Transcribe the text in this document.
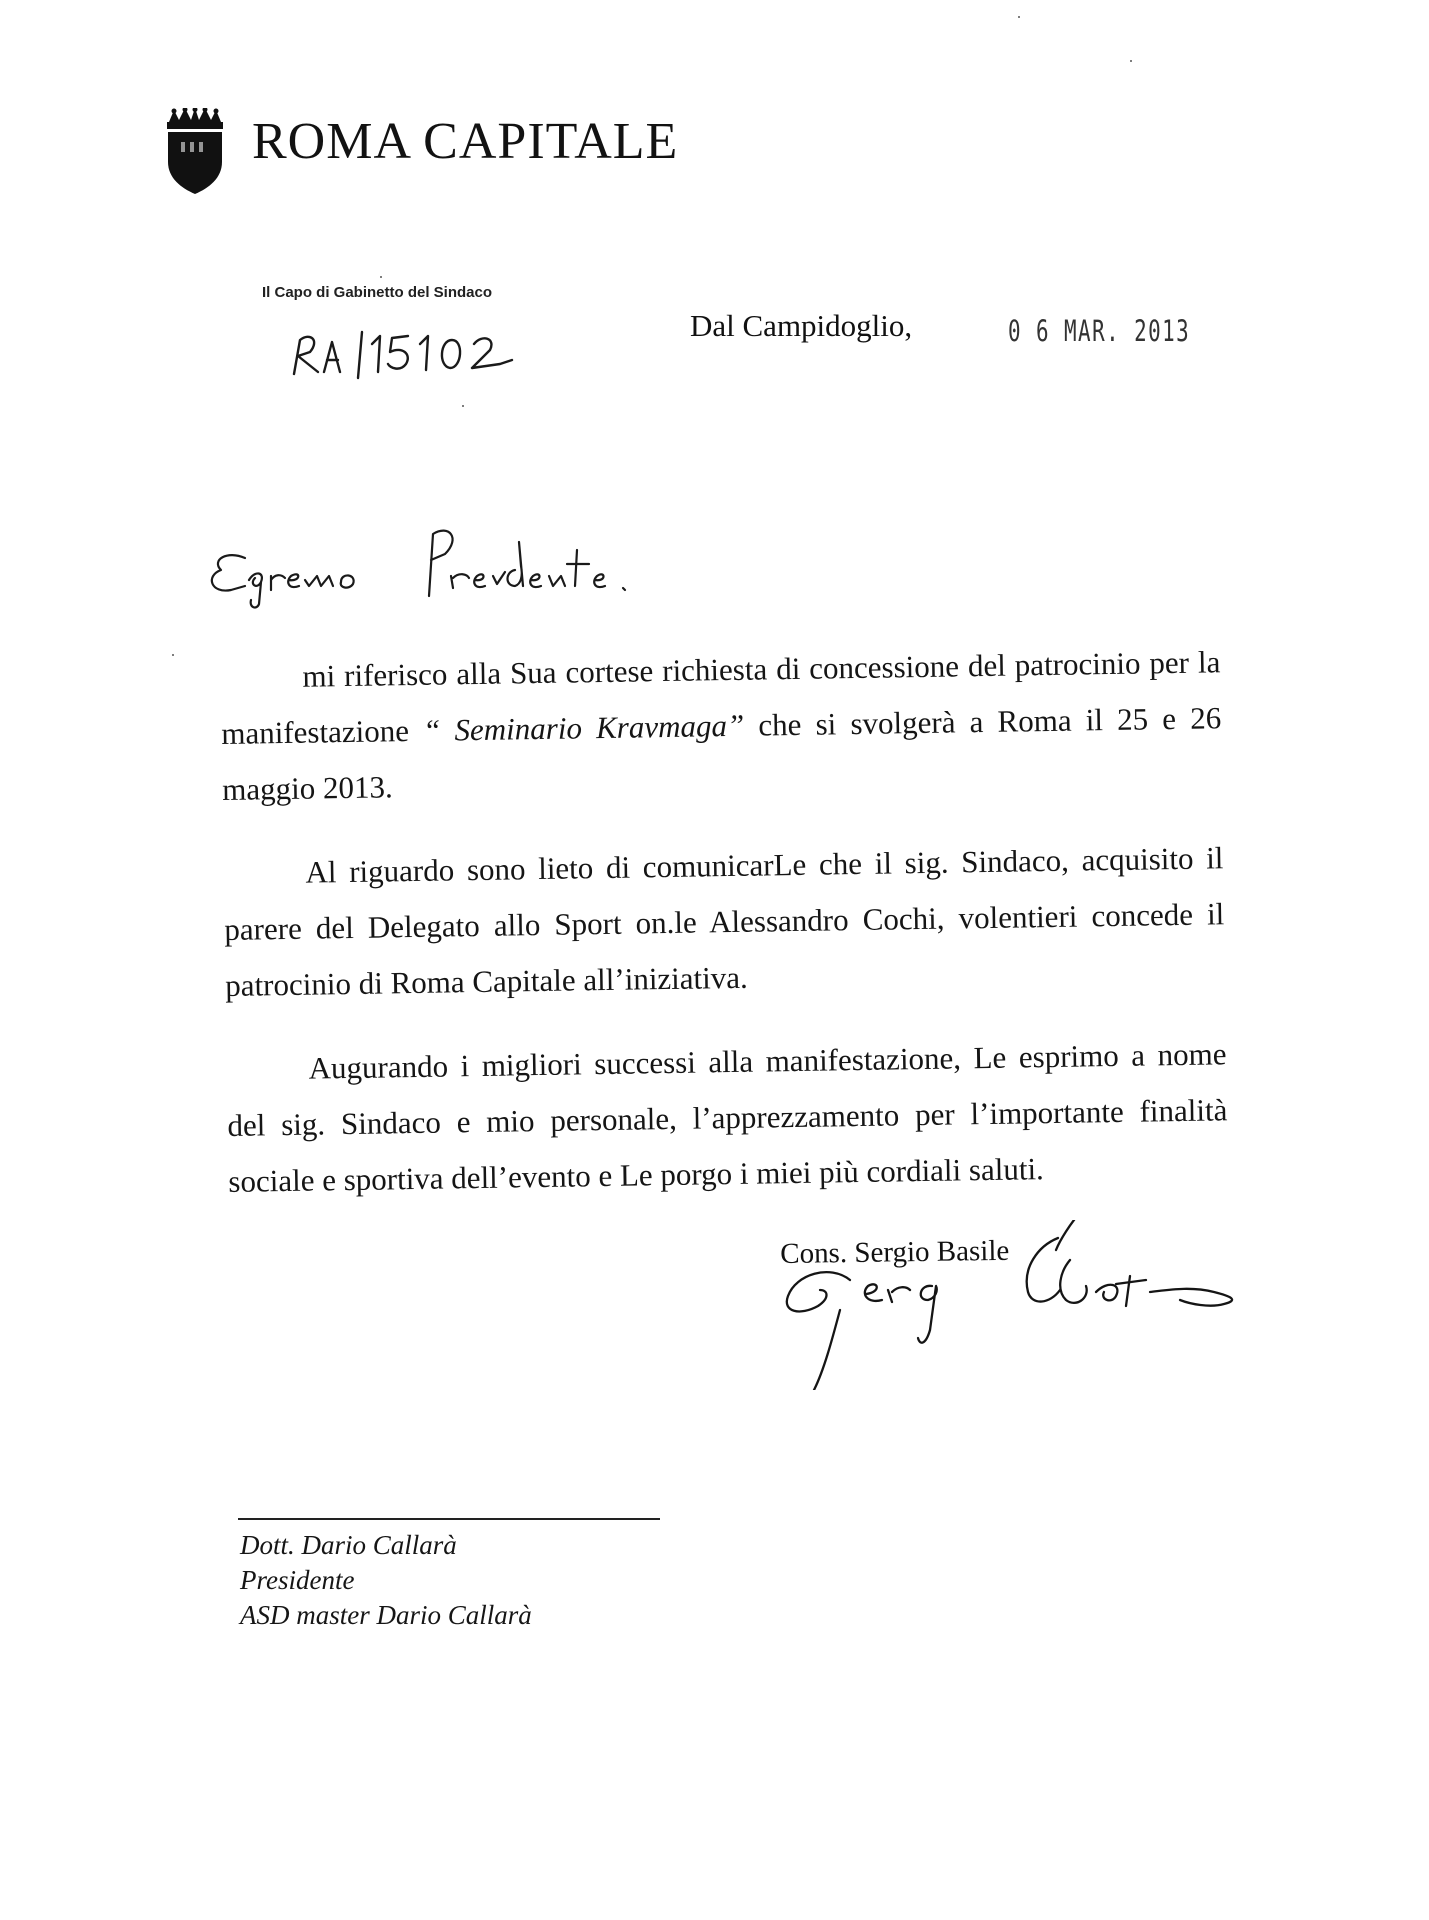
ROMA CAPITALE
Il Capo di Gabinetto del Sindaco
Dal Campidoglio,	0 6 MAR. 2013

mi riferisco alla Sua cortese richiesta di concessione del patrocinio per la manifestazione “ Seminario Kravmaga” che si svolgerà a Roma il 25 e 26 maggio 2013.

Al riguardo sono lieto di comunicarLe che il sig. Sindaco, acquisito il parere del Delegato allo Sport on.le Alessandro Cochi, volentieri concede il patrocinio di Roma Capitale all’iniziativa.

Augurando i migliori successi alla manifestazione, Le esprimo a nome del sig. Sindaco e mio personale, l’apprezzamento per l’importante finalità sociale e sportiva dell’evento e Le porgo i miei più cordiali saluti.

Cons. Sergio Basile
Dott. Dario Callarà
Presidente
ASD master Dario Callarà
